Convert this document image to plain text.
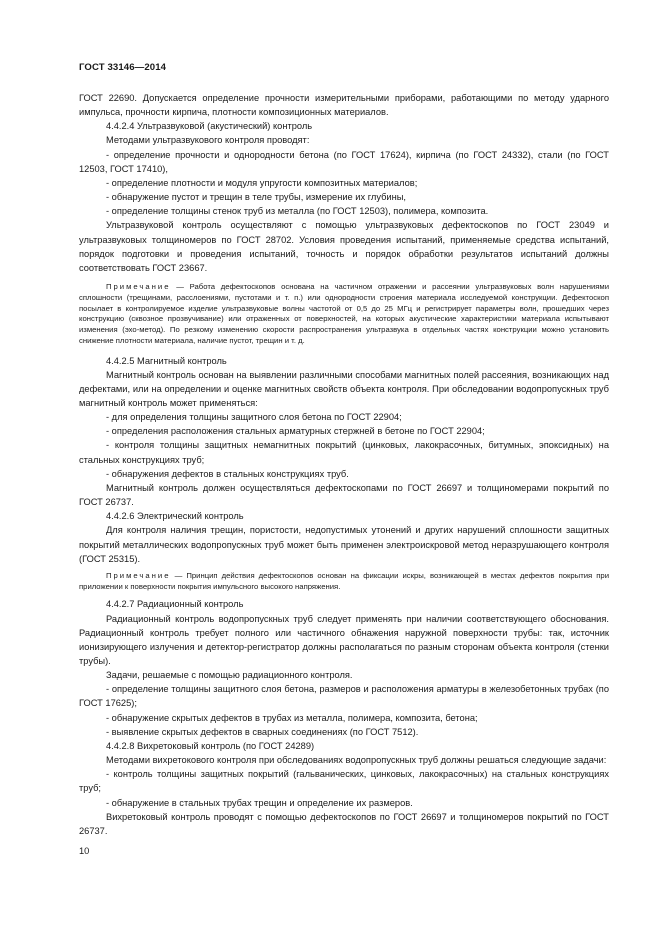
ГОСТ 33146—2014

ГОСТ 22690. Допускается определение прочности измерительными приборами, работающими по методу ударного импульса, прочности кирпича, плотности композиционных материалов.

4.4.2.4 Ультразвуковой (акустический) контроль

Методами ультразвукового контроля проводят:

- определение прочности и однородности бетона (по ГОСТ 17624), кирпича (по ГОСТ 24332), стали (по ГОСТ 12503, ГОСТ 17410),

- определение плотности и модуля упругости композитных материалов;

- обнаружение пустот и трещин в теле трубы, измерение их глубины,

- определение толщины стенок труб из металла (по ГОСТ 12503), полимера, композита.

Ультразвуковой контроль осуществляют с помощью ультразвуковых дефектоскопов по ГОСТ 23049 и ультразвуковых толщиномеров по ГОСТ 28702. Условия проведения испытаний, применяемые средства испытаний, порядок подготовки и проведения испытаний, точность и порядок обработки результатов испытаний должны соответствовать ГОСТ 23667.

Примечание — Работа дефектоскопов основана на частичном отражении и рассеянии ультразвуковых волн нарушениями сплошности (трещинами, расслоениями, пустотами и т. п.) или однородности строения материала исследуемой конструкции. Дефектоскоп посылает в контролируемое изделие ультразвуковые волны частотой от 0,5 до 25 МГц и регистрирует параметры волн, прошедших через конструкцию (сквозное прозвучивание) или отраженных от поверхностей, на которых акустические характеристики материала испытывают изменения (эхо-метод). По резкому изменению скорости распространения ультразвука в отдельных частях конструкции можно установить снижение плотности материала, наличие пустот, трещин и т. д.

4.4.2.5 Магнитный контроль

Магнитный контроль основан на выявлении различными способами магнитных полей рассеяния, возникающих над дефектами, или на определении и оценке магнитных свойств объекта контроля. При обследовании водопропускных труб магнитный контроль может применяться:

- для определения толщины защитного слоя бетона по ГОСТ 22904;

- определения расположения стальных арматурных стержней в бетоне по ГОСТ 22904;

- контроля толщины защитных немагнитных покрытий (цинковых, лакокрасочных, битумных, эпоксидных) на стальных конструкциях труб;

- обнаружения дефектов в стальных конструкциях труб.

Магнитный контроль должен осуществляться дефектоскопами по ГОСТ 26697 и толщиномерами покрытий по ГОСТ 26737.

4.4.2.6 Электрический контроль

Для контроля наличия трещин, пористости, недопустимых утонений и других нарушений сплошности защитных покрытий металлических водопропускных труб может быть применен электроискровой метод неразрушающего контроля (ГОСТ 25315).

Примечание — Принцип действия дефектоскопов основан на фиксации искры, возникающей в местах дефектов покрытия при приложении к поверхности покрытия импульсного высокого напряжения.

4.4.2.7 Радиационный контроль

Радиационный контроль водопропускных труб следует применять при наличии соответствующего обоснования. Радиационный контроль требует полного или частичного обнажения наружной поверхности трубы: так, источник ионизирующего излучения и детектор-регистратор должны располагаться по разным сторонам объекта контроля (стенки трубы).

Задачи, решаемые с помощью радиационного контроля.

- определение толщины защитного слоя бетона, размеров и расположения арматуры в железобетонных трубах (по ГОСТ 17625);

- обнаружение скрытых дефектов в трубах из металла, полимера, композита, бетона;

- выявление скрытых дефектов в сварных соединениях (по ГОСТ 7512).

4.4.2.8 Вихретоковый контроль (по ГОСТ 24289)

Методами вихретокового контроля при обследованиях водопропускных труб должны решаться следующие задачи:

- контроль толщины защитных покрытий (гальванических, цинковых, лакокрасочных) на стальных конструкциях труб;

- обнаружение в стальных трубах трещин и определение их размеров.

Вихретоковый контроль проводят с помощью дефектоскопов по ГОСТ 26697 и толщиномеров покрытий по ГОСТ 26737.

10
